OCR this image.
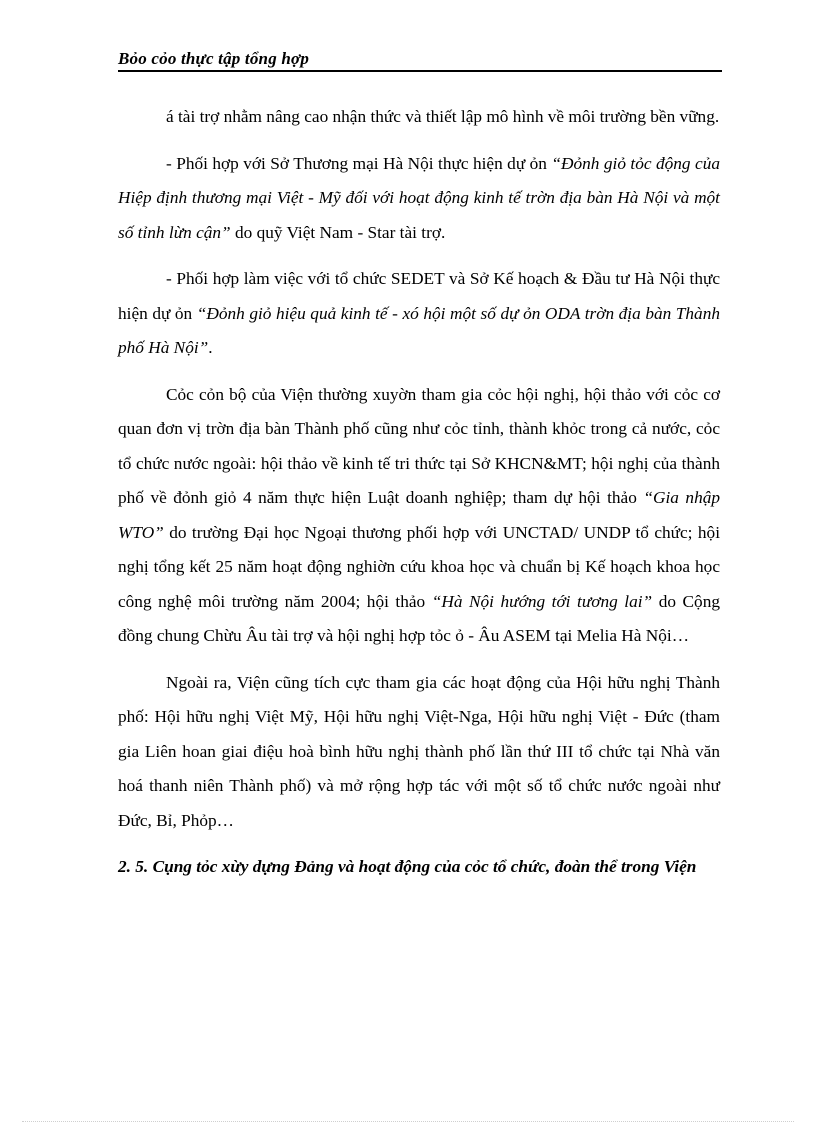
Bỏo cỏo thực tập tổng hợp

á tài trợ nhằm nâng cao nhận thức và thiết lập mô hình về môi trường bền vững.

- Phối hợp với Sở Thương mại Hà Nội thực hiện dự ỏn “Đỏnh giỏ tỏc động của Hiệp định thương mại Việt - Mỹ đối với hoạt động kinh tế trờn địa bàn Hà Nội và một số tỉnh lừn cận” do quỹ Việt Nam - Star tài trợ.

- Phối hợp làm việc với tổ chức SEDET và Sở Kế hoạch & Đầu tư Hà Nội thực hiện dự ỏn “Đỏnh giỏ hiệu quả kinh tế - xó hội một số dự ỏn ODA trờn địa bàn Thành phố Hà Nội”.

Cỏc cỏn bộ của Viện thường xuyờn tham gia cỏc hội nghị, hội thảo với cỏc cơ quan đơn vị trờn địa bàn Thành phố cũng như cỏc tỉnh, thành khỏc trong cả nước, cỏc tổ chức nước ngoài: hội thảo về kinh tế tri thức tại Sở KHCN&MT; hội nghị của thành phố về đỏnh giỏ 4 năm thực hiện Luật doanh nghiệp; tham dự hội thảo “Gia nhập WTO” do trường Đại học Ngoại thương phối hợp với UNCTAD/ UNDP tổ chức; hội nghị tổng kết 25 năm hoạt động nghiờn cứu khoa học và chuẩn bị Kế hoạch khoa học công nghệ môi trường năm 2004; hội thảo “Hà Nội hướng tới tương lai” do Cộng đồng chung Chừu Âu tài trợ và hội nghị hợp tỏc ỏ - Âu ASEM tại Melia Hà Nội…

Ngoài ra, Viện cũng tích cực tham gia các hoạt động của Hội hữu nghị Thành phố: Hội hữu nghị Việt Mỹ, Hội hữu nghị Việt-Nga, Hội hữu nghị Việt - Đức (tham gia Liên hoan giai điệu hoà bình hữu nghị thành phố lần thứ III tổ chức tại Nhà văn hoá thanh niên Thành phố) và mở rộng hợp tác với một số tổ chức nước ngoài như Đức, Bỉ, Phỏp…

2. 5. Cụng tỏc xừy dựng Đảng và hoạt động của cỏc tổ chức, đoàn thể trong Viện
